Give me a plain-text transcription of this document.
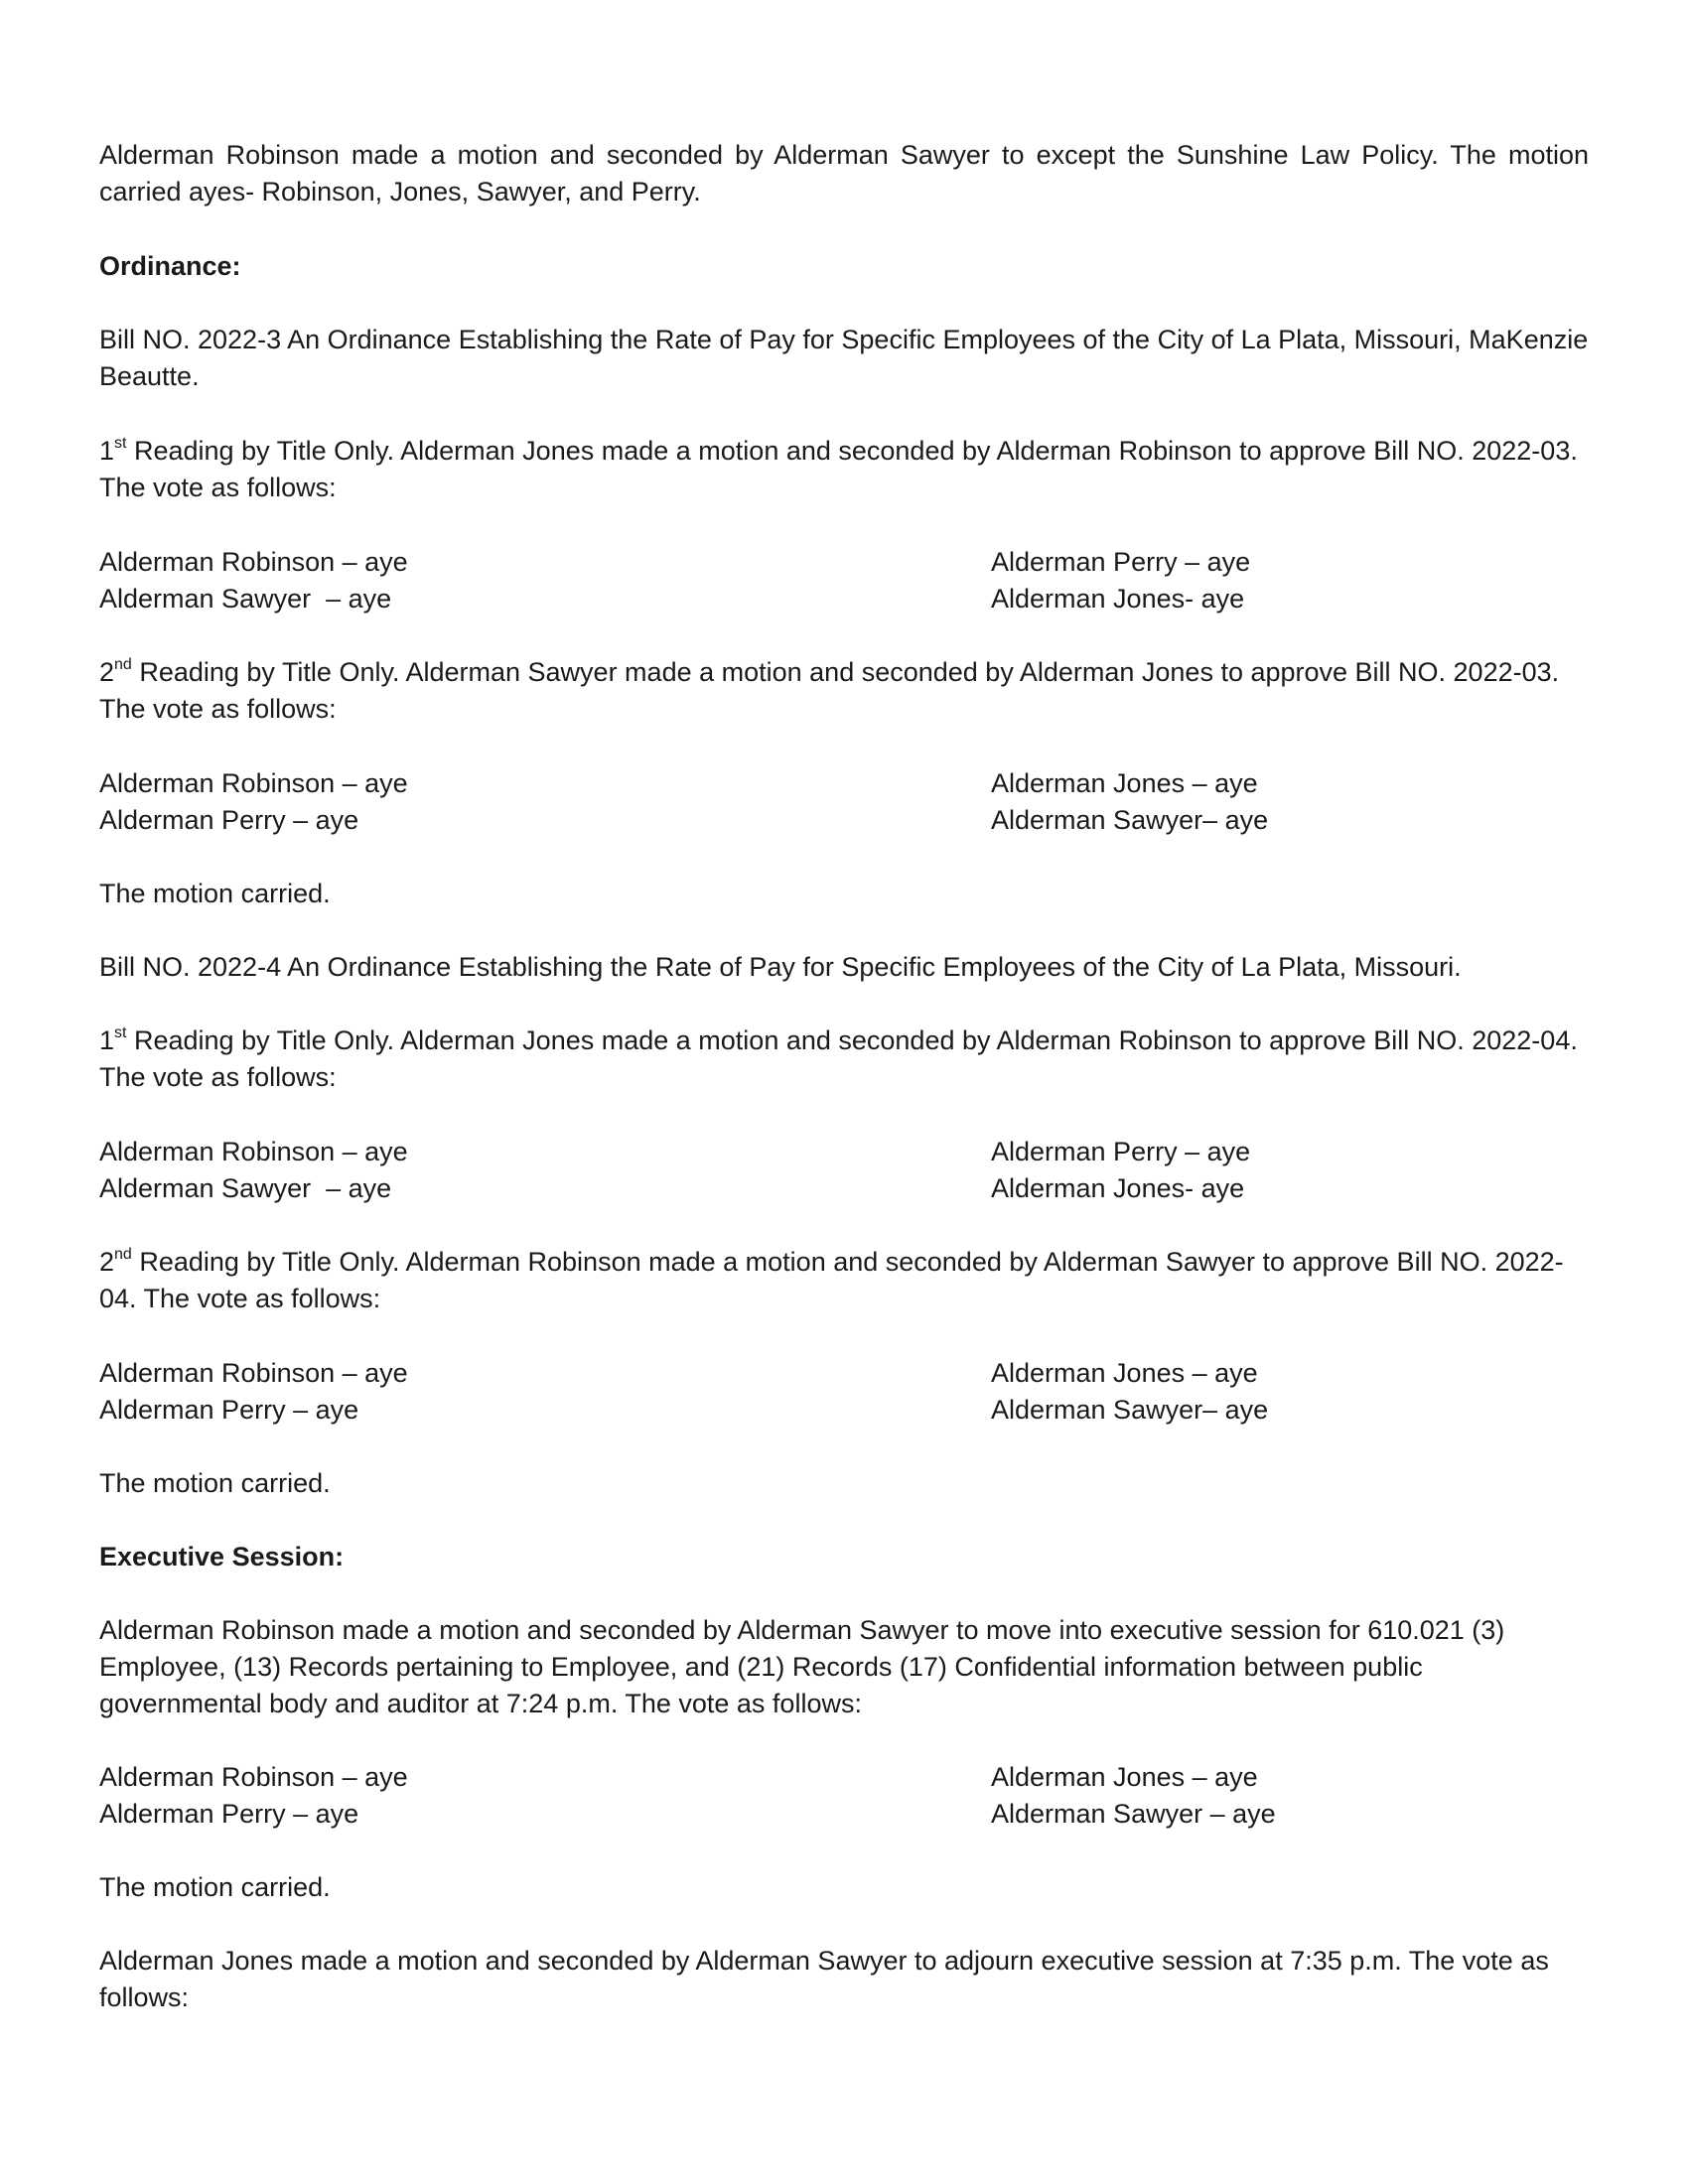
Alderman Robinson made a motion and seconded by Alderman Sawyer to except the Sunshine Law Policy. The motion carried ayes- Robinson, Jones, Sawyer, and Perry.

Ordinance:

Bill NO. 2022-3 An Ordinance Establishing the Rate of Pay for Specific Employees of the City of La Plata, Missouri, MaKenzie Beautte.

1st Reading by Title Only. Alderman Jones made a motion and seconded by Alderman Robinson to approve Bill NO. 2022-03. The vote as follows:

Alderman Robinson – aye
Alderman Sawyer  – aye
Alderman Perry – aye
Alderman Jones- aye

2nd Reading by Title Only. Alderman Sawyer made a motion and seconded by Alderman Jones to approve Bill NO. 2022-03. The vote as follows:

Alderman Robinson – aye
Alderman Perry – aye
Alderman Jones – aye
Alderman Sawyer– aye

The motion carried.

Bill NO. 2022-4 An Ordinance Establishing the Rate of Pay for Specific Employees of the City of La Plata, Missouri.

1st Reading by Title Only. Alderman Jones made a motion and seconded by Alderman Robinson to approve Bill NO. 2022-04. The vote as follows:

Alderman Robinson – aye
Alderman Sawyer  – aye
Alderman Perry – aye
Alderman Jones- aye

2nd Reading by Title Only. Alderman Robinson made a motion and seconded by Alderman Sawyer to approve Bill NO. 2022-04. The vote as follows:

Alderman Robinson – aye
Alderman Perry – aye
Alderman Jones – aye
Alderman Sawyer– aye

The motion carried.

Executive Session:

Alderman Robinson made a motion and seconded by Alderman Sawyer to move into executive session for 610.021 (3) Employee, (13) Records pertaining to Employee, and (21) Records (17) Confidential information between public governmental body and auditor at 7:24 p.m. The vote as follows:

Alderman Robinson – aye
Alderman Perry – aye
Alderman Jones – aye
Alderman Sawyer – aye

The motion carried.

Alderman Jones made a motion and seconded by Alderman Sawyer to adjourn executive session at 7:35 p.m. The vote as follows:
